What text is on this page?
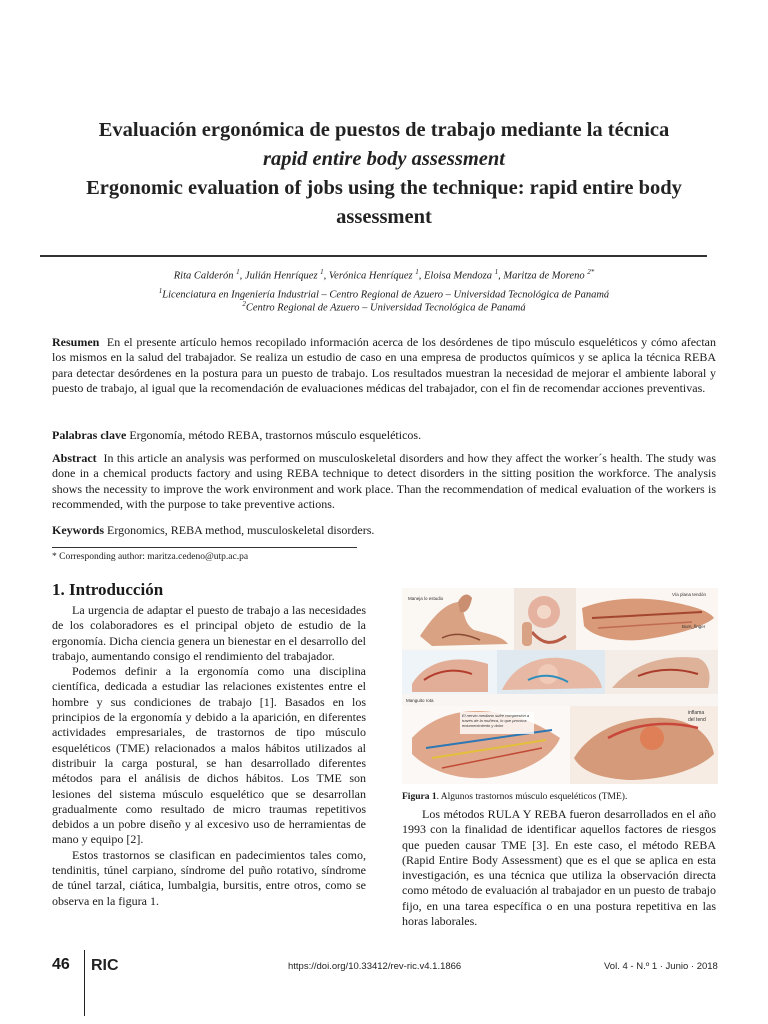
Evaluación ergonómica de puestos de trabajo mediante la técnica
rapid entire body assessment
Ergonomic evaluation of jobs using the technique: rapid entire body
assessment
Rita Calderón $^1$, Julián Henríquez $^1$, Verónica Henríquez $^1$, Eloisa Mendoza $^1$, Maritza de Moreno $^{2*}$
$^1$Licenciatura en Ingeniería Industrial – Centro Regional de Azuero – Universidad Tecnológica de Panamá
$^2$Centro Regional de Azuero – Universidad Tecnológica de Panamá
Resumen En el presente artículo hemos recopilado información acerca de los desórdenes de tipo músculo esqueléticos y cómo afectan los mismos en la salud del trabajador. Se realiza un estudio de caso en una empresa de productos químicos y se aplica la técnica REBA para detectar desórdenes en la postura para un puesto de trabajo. Los resultados muestran la necesidad de mejorar el ambiente laboral y puesto de trabajo, al igual que la recomendación de evaluaciones médicas del trabajador, con el fin de recomendar acciones preventivas.
Palabras clave Ergonomía, método REBA, trastornos músculo esqueléticos.
Abstract In this article an analysis was performed on musculoskeletal disorders and how they affect the worker´s health. The study was done in a chemical products factory and using REBA technique to detect disorders in the sitting position the workforce. The analysis shows the necessity to improve the work environment and work place. Than the recommendation of medical evaluation of the workers is recommended, with the purpose to take preventive actions.
Keywords Ergonomics, REBA method, musculoskeletal disorders.
* Corresponding author: maritza.cedeno@utp.ac.pa
1. Introducción

La urgencia de adaptar el puesto de trabajo a las necesidades de los colaboradores es el principal objeto de estudio de la ergonomía. Dicha ciencia genera un bienestar en el desarrollo del trabajo, aumentando consigo el rendimiento del trabajador.

Podemos definir a la ergonomía como una disciplina científica, dedicada a estudiar las relaciones existentes entre el hombre y sus condiciones de trabajo [1]. Basados en los principios de la ergonomía y debido a la aparición, en diferentes actividades empresariales, de trastornos de tipo músculo esqueléticos (TME) relacionados a malos hábitos utilizados al distribuir la carga postural, se han desarrollado diferentes métodos para el análisis de dichos hábitos. Los TME son lesiones del sistema músculo esquelético que se desarrollan gradualmente como resultado de micro traumas repetitivos debidos a un pobre diseño y al excesivo uso de herramientas de mano y equipo [2].

Estos trastornos se clasifican en padecimientos tales como, tendinitis, túnel carpiano, síndrome del puño rotativo, síndrome de túnel tarzal, ciática, lumbalgia, bursitis, entre otros, como se observa en la figura 1.

Maneja lo estudio
Vía plana tendón
Burn_finger
Manguito rota
El nervio mediano sufre compresión a través de la muñeca, lo que provoca entumecimiento y dolor
inflama
del tend
Figura 1. Algunos trastornos músculo esqueléticos (TME).

Los métodos RULA Y REBA fueron desarrollados en el año 1993 con la finalidad de identificar aquellos factores de riesgos que pueden causar TME [3]. En este caso, el método REBA (Rapid Entire Body Assessment) que es el que se aplica en esta investigación, es una técnica que utiliza la observación directa como método de evaluación al trabajador en un puesto de trabajo fijo, en una tarea específica o en una postura repetitiva en las horas laborales.

46 RIC	https://doi.org/10.33412/rev-ric.v4.1.1866	Vol. 4 - N.º 1 · Junio · 2018
